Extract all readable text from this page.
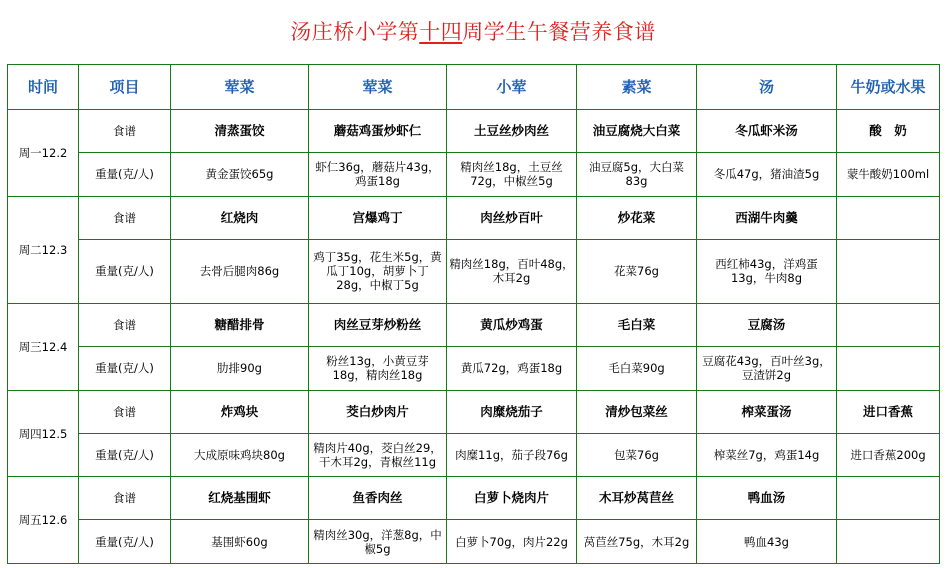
汤庄桥小学第 十四 周学生午餐营养食谱
时间	项目	荤菜	荤菜	小荤	素菜	汤	牛奶或水果
周一12.2	食谱	清蒸蛋饺	蘑菇鸡蛋炒虾仁	土豆丝炒肉丝	油豆腐烧大白菜	冬瓜虾米汤	酸　奶
	重量(克/人)	黄金蛋饺65g	虾仁36g，蘑菇片43g，鸡蛋18g	精肉丝18g，土豆丝72g，中椒丝5g	油豆腐5g，大白菜83g	冬瓜47g，猪油渣5g	蒙牛酸奶100ml
周二12.3	食谱	红烧肉	宫爆鸡丁	肉丝炒百叶	炒花菜	西湖牛肉羹	
	重量(克/人)	去骨后腿肉86g	鸡丁35g，花生米5g，黄瓜丁10g，胡萝卜丁28g，中椒丁5g	精肉丝18g，百叶48g，木耳2g	花菜76g	西红柿43g，洋鸡蛋13g，牛肉8g	
周三12.4	食谱	糖醋排骨	肉丝豆芽炒粉丝	黄瓜炒鸡蛋	毛白菜	豆腐汤	
	重量(克/人)	肋排90g	粉丝13g，小黄豆芽18g，精肉丝18g	黄瓜72g，鸡蛋18g	毛白菜90g	豆腐花43g，百叶丝3g，豆渣饼2g	
周四12.5	食谱	炸鸡块	茭白炒肉片	肉糜烧茄子	清炒包菜丝	榨菜蛋汤	进口香蕉
	重量(克/人)	大成原味鸡块80g	精肉片40g，茭白丝29，干木耳2g，青椒丝11g	肉糜11g，茄子段76g	包菜76g	榨菜丝7g，鸡蛋14g	进口香蕉200g
周五12.6	食谱	红烧基围虾	鱼香肉丝	白萝卜烧肉片	木耳炒莴苣丝	鸭血汤	
	重量(克/人)	基围虾60g	精肉丝30g，洋葱8g，中椒5g	白萝卜70g，肉片22g	莴苣丝75g，木耳2g	鸭血43g	
